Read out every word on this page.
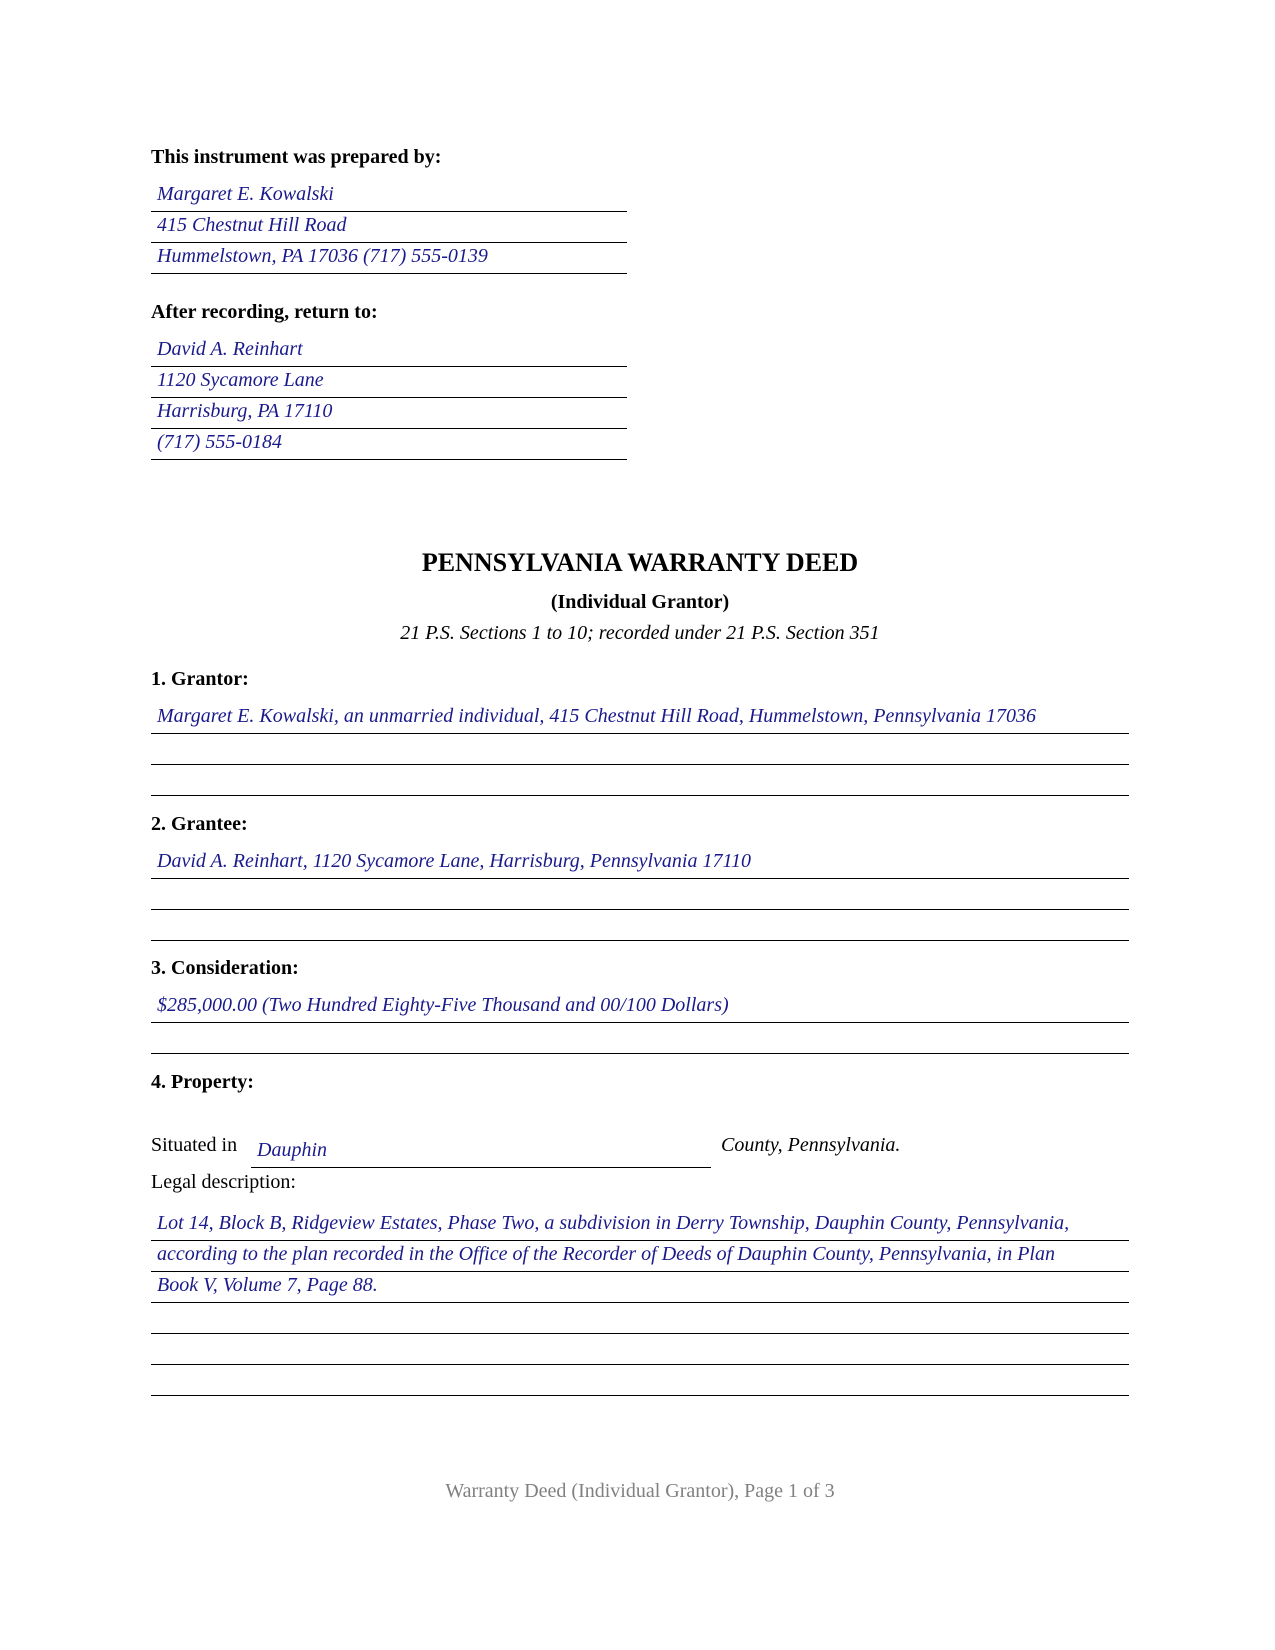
This instrument was prepared by:
Margaret E. Kowalski
415 Chestnut Hill Road
Hummelstown, PA 17036 (717) 555-0139
After recording, return to:
David A. Reinhart
1120 Sycamore Lane
Harrisburg, PA 17110
(717) 555-0184
PENNSYLVANIA WARRANTY DEED
(Individual Grantor)
21 P.S. Sections 1 to 10; recorded under 21 P.S. Section 351
1. Grantor:
Margaret E. Kowalski, an unmarried individual, 415 Chestnut Hill Road, Hummelstown, Pennsylvania 17036
2. Grantee:
David A. Reinhart, 1120 Sycamore Lane, Harrisburg, Pennsylvania 17110
3. Consideration:
$285,000.00 (Two Hundred Eighty-Five Thousand and 00/100 Dollars)
4. Property:
Situated in Dauphin	County, Pennsylvania.
Legal description:
Lot 14, Block B, Ridgeview Estates, Phase Two, a subdivision in Derry Township, Dauphin County, Pennsylvania,
according to the plan recorded in the Office of the Recorder of Deeds of Dauphin County, Pennsylvania, in Plan
Book V, Volume 7, Page 88.
Warranty Deed (Individual Grantor), Page 1 of 3
